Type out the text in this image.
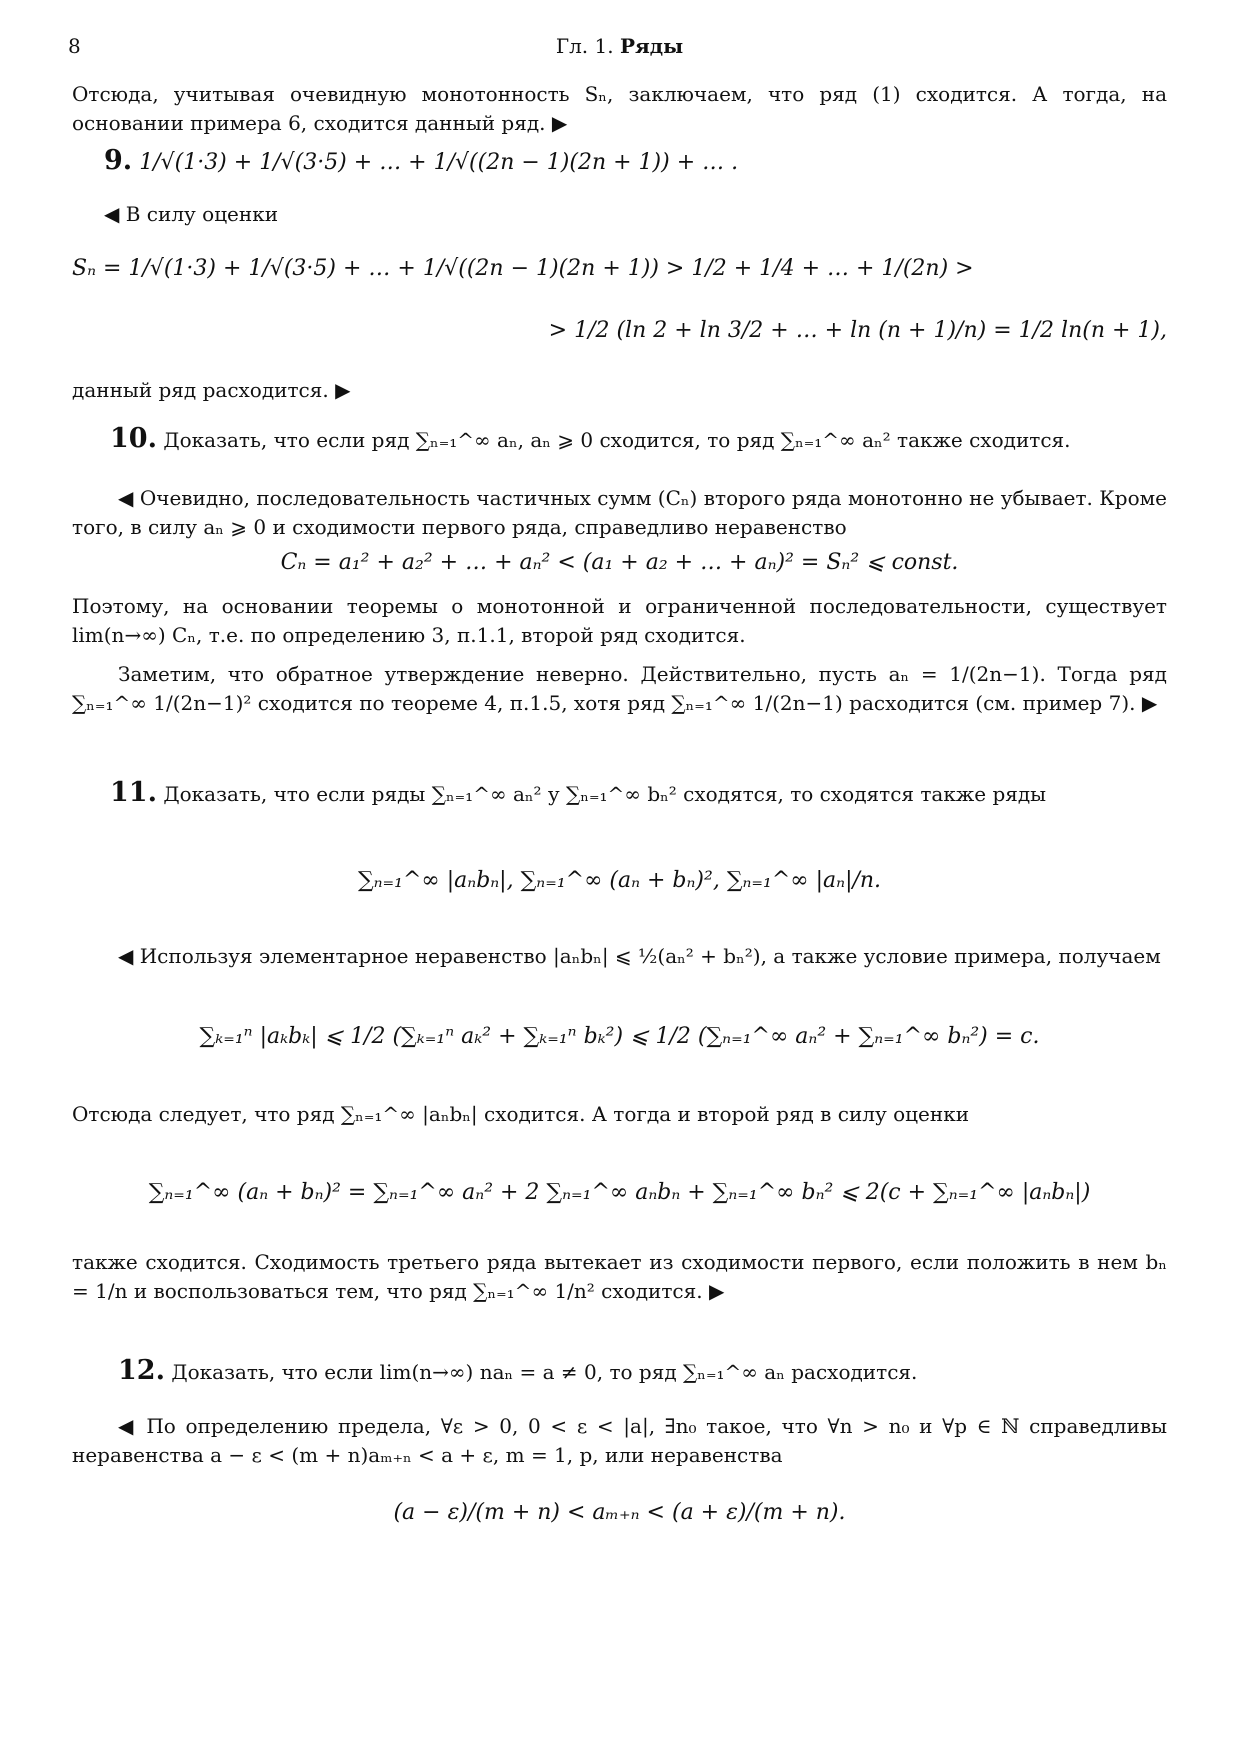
8	Гл. 1. Ряды
Отсюда, учитывая очевидную монотонность Sₙ, заключаем, что ряд (1) сходится. А тогда, на основании примера 6, сходится данный ряд. ▶
9. 1/√(1·3) + 1/√(3·5) + … + 1/√((2n − 1)(2n + 1)) + … .
◀ В силу оценки
Sₙ = 1/√(1·3) + 1/√(3·5) + … + 1/√((2n − 1)(2n + 1)) > 1/2 + 1/4 + … + 1/(2n) >
> 1/2 (ln 2 + ln 3/2 + … + ln (n + 1)/n) = 1/2 ln(n + 1),
данный ряд расходится. ▶
10. Доказать, что если ряд ∑ₙ₌₁^∞ aₙ, aₙ ⩾ 0 сходится, то ряд ∑ₙ₌₁^∞ aₙ² также сходится.
◀ Очевидно, последовательность частичных сумм (Cₙ) второго ряда монотонно не убывает. Кроме того, в силу aₙ ⩾ 0 и сходимости первого ряда, справедливо неравенство
Cₙ = a₁² + a₂² + … + aₙ² < (a₁ + a₂ + … + aₙ)² = Sₙ² ⩽ const.
Поэтому, на основании теоремы о монотонной и ограниченной последовательности, существует lim(n→∞) Cₙ, т.е. по определению 3, п.1.1, второй ряд сходится.
Заметим, что обратное утверждение неверно. Действительно, пусть aₙ = 1/(2n−1). Тогда ряд ∑ₙ₌₁^∞ 1/(2n−1)² сходится по теореме 4, п.1.5, хотя ряд ∑ₙ₌₁^∞ 1/(2n−1) расходится (см. пример 7). ▶
11. Доказать, что если ряды ∑ₙ₌₁^∞ aₙ² у ∑ₙ₌₁^∞ bₙ² сходятся, то сходятся также ряды
∑ₙ₌₁^∞ |aₙbₙ|, ∑ₙ₌₁^∞ (aₙ + bₙ)², ∑ₙ₌₁^∞ |aₙ|/n.
◀ Используя элементарное неравенство |aₙbₙ| ⩽ ½(aₙ² + bₙ²), а также условие примера, получаем
∑ₖ₌₁ⁿ |aₖbₖ| ⩽ 1/2 (∑ₖ₌₁ⁿ aₖ² + ∑ₖ₌₁ⁿ bₖ²) ⩽ 1/2 (∑ₙ₌₁^∞ aₙ² + ∑ₙ₌₁^∞ bₙ²) = c.
Отсюда следует, что ряд ∑ₙ₌₁^∞ |aₙbₙ| сходится. А тогда и второй ряд в силу оценки
∑ₙ₌₁^∞ (aₙ + bₙ)² = ∑ₙ₌₁^∞ aₙ² + 2 ∑ₙ₌₁^∞ aₙbₙ + ∑ₙ₌₁^∞ bₙ² ⩽ 2(c + ∑ₙ₌₁^∞ |aₙbₙ|)
также сходится. Сходимость третьего ряда вытекает из сходимости первого, если положить в нем bₙ = 1/n и воспользоваться тем, что ряд ∑ₙ₌₁^∞ 1/n² сходится. ▶
12. Доказать, что если lim(n→∞) naₙ = a ≠ 0, то ряд ∑ₙ₌₁^∞ aₙ расходится.
◀ По определению предела, ∀ε > 0, 0 < ε < |a|, ∃n₀ такое, что ∀n > n₀ и ∀p ∈ ℕ справедливы неравенства a − ε < (m + n)aₘ₊ₙ < a + ε, m = 1, p, или неравенства
(a − ε)/(m + n) < aₘ₊ₙ < (a + ε)/(m + n).
